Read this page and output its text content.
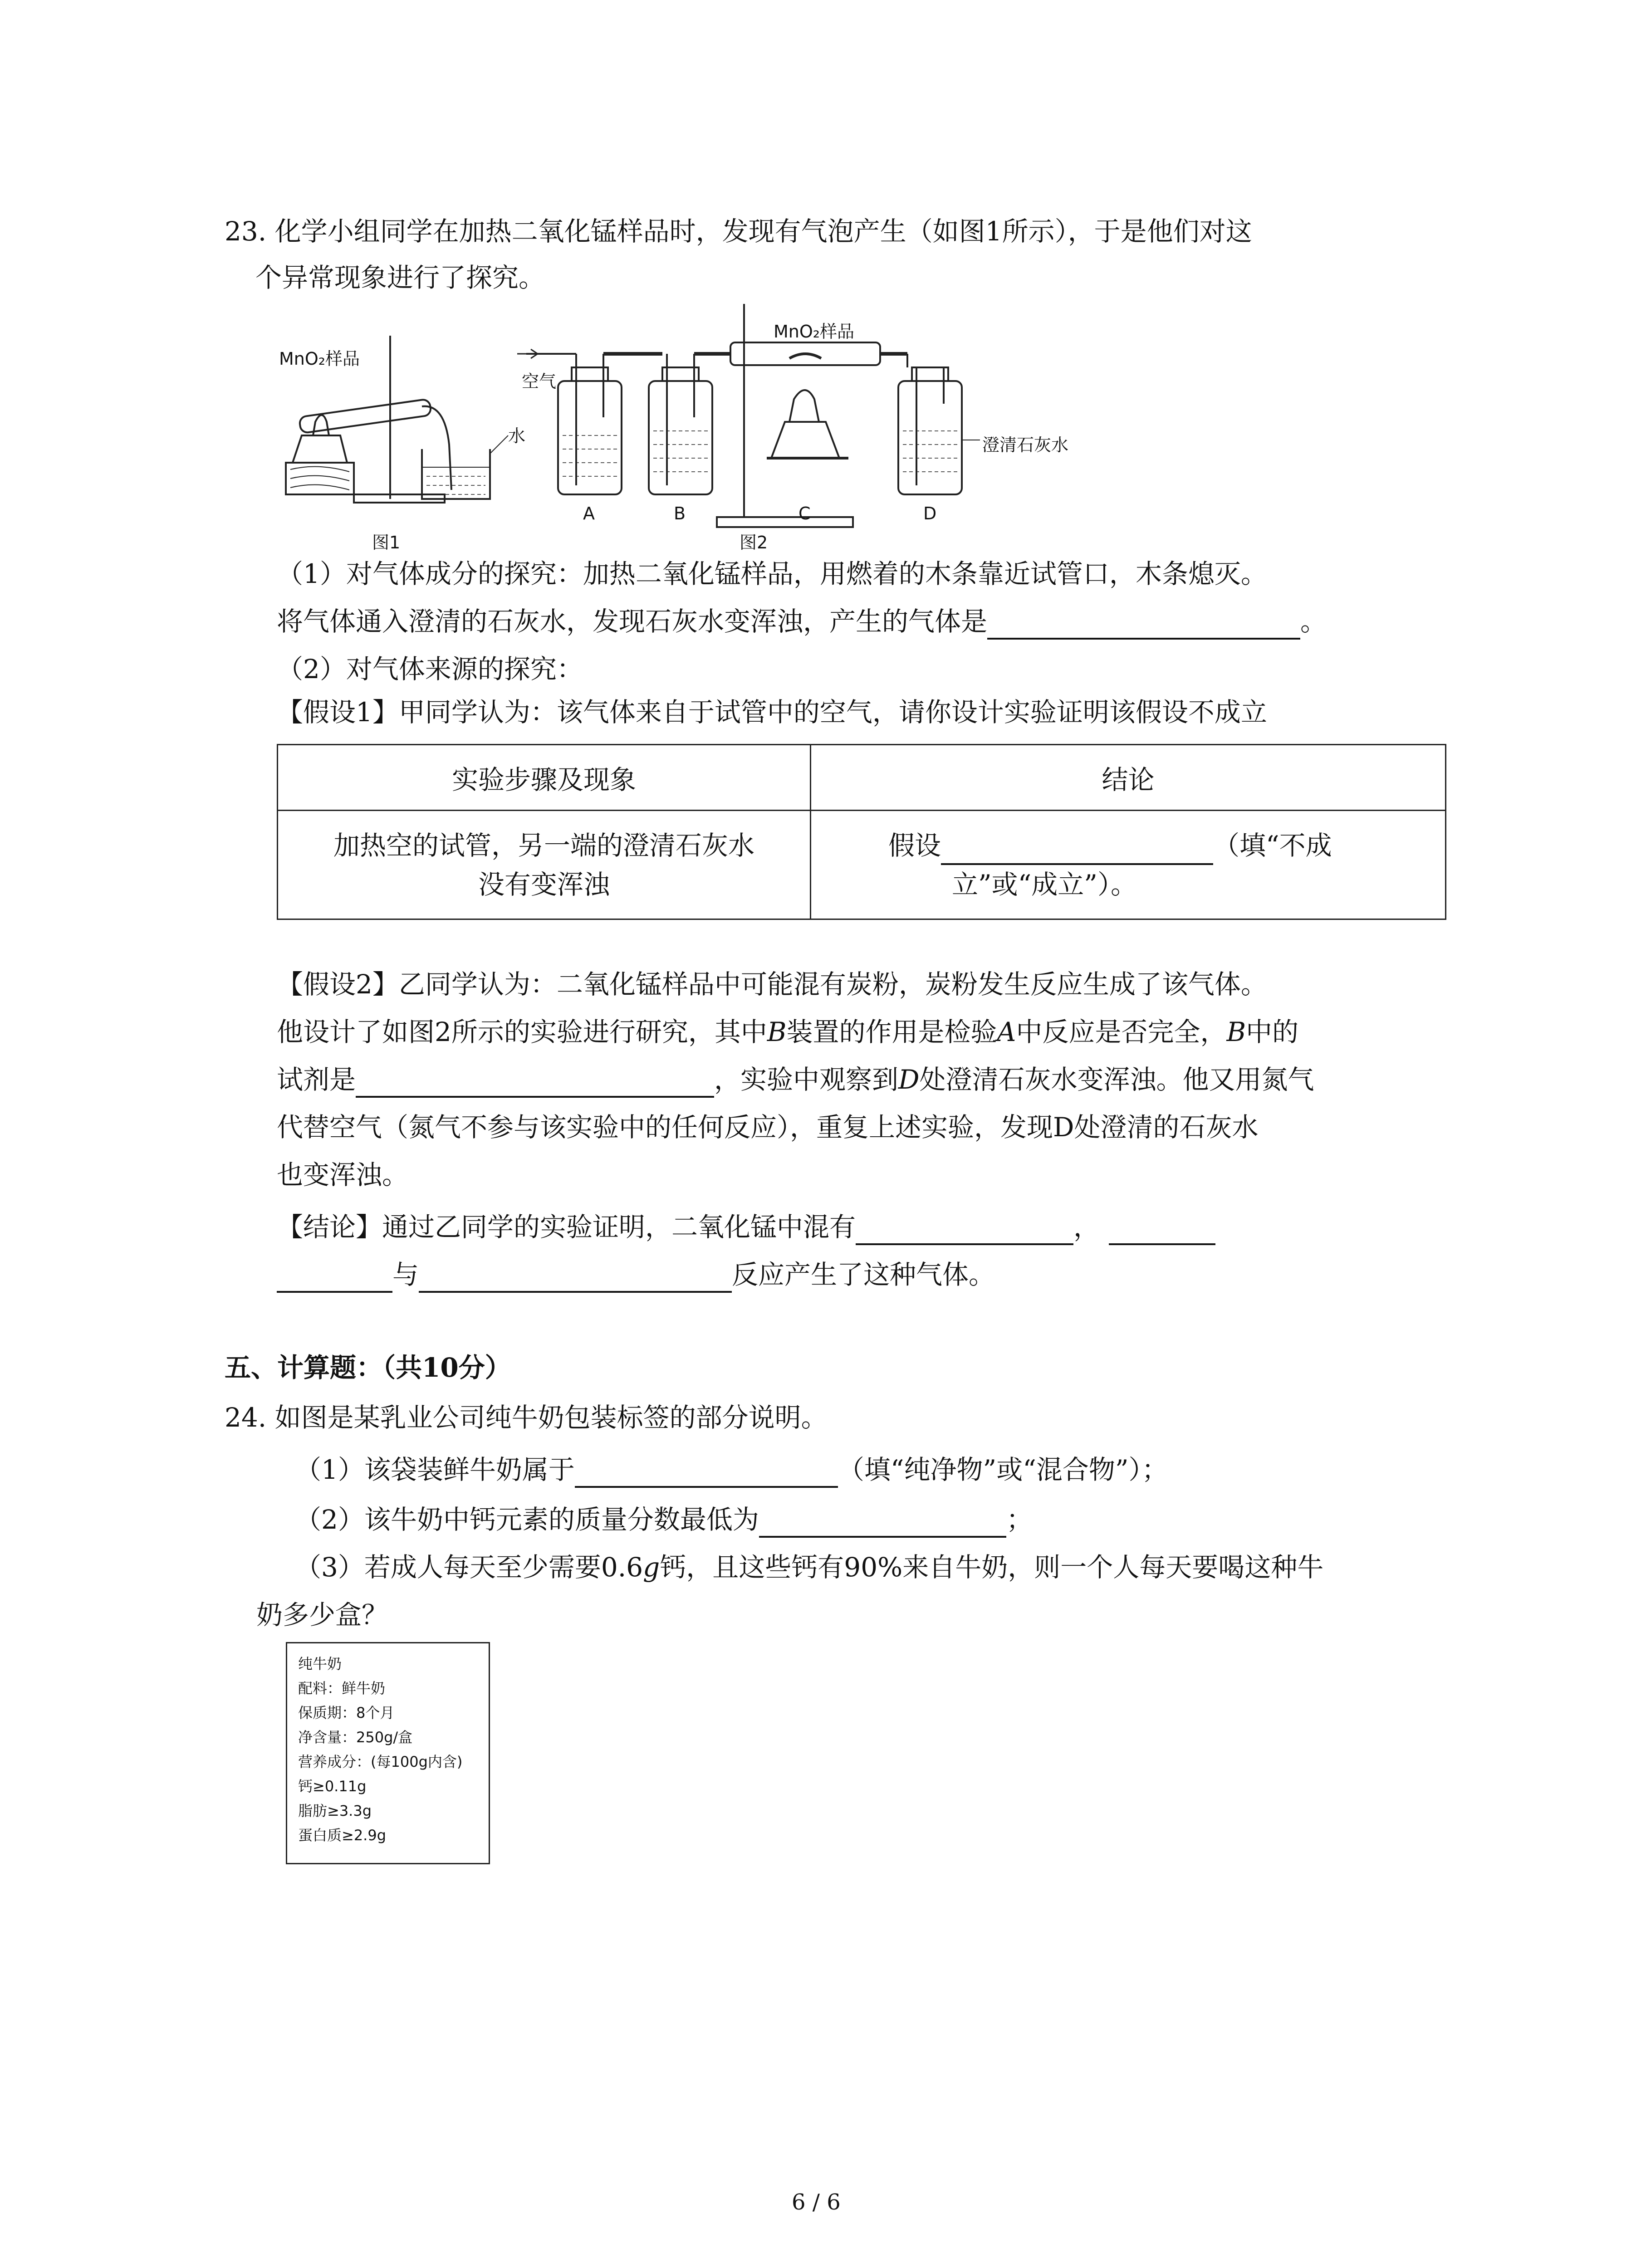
23. 化学小组同学在加热二氧化锰样品时，发现有气泡产生（如图1所示），于是他们对这
个异常现象进行了探究。
MnO₂样品
水
空气
MnO₂样品
澄清石灰水
A	B	C	D
图1	图2
（1）对气体成分的探究：加热二氧化锰样品，用燃着的木条靠近试管口，木条熄灭。
将气体通入澄清的石灰水，发现石灰水变浑浊，产生的气体是	。
（2）对气体来源的探究：
【假设1】甲同学认为：该气体来自于试管中的空气，请你设计实验证明该假设不成立
实验步骤及现象	结论
加热空的试管，另一端的澄清石灰水
没有变浑浊	假设 （填“不成
立”或“成立”）。
【假设2】乙同学认为：二氧化锰样品中可能混有炭粉，炭粉发生反应生成了该气体。
他设计了如图2所示的实验进行研究，其中B装置的作用是检验A中反应是否完全，B中的
试剂是	，实验中观察到D处澄清石灰水变浑浊。他又用氮气
代替空气（氮气不参与该实验中的任何反应），重复上述实验，发现D处澄清的石灰水
也变浑浊。
【结论】通过乙同学的实验证明，二氧化锰中混有	，
与	反应产生了这种气体。
五、计算题：（共10分）
24. 如图是某乳业公司纯牛奶包装标签的部分说明。
（1）该袋装鲜牛奶属于	（填“纯净物”或“混合物”）；
（2）该牛奶中钙元素的质量分数最低为	；
（3）若成人每天至少需要0.6g钙，且这些钙有90%来自牛奶，则一个人每天要喝这种牛
奶多少盒？
纯牛奶
配料：鲜牛奶
保质期：8个月
净含量：250g/盒
营养成分：(每100g内含)
钙≥0.11g
脂肪≥3.3g
蛋白质≥2.9g
6 / 6
